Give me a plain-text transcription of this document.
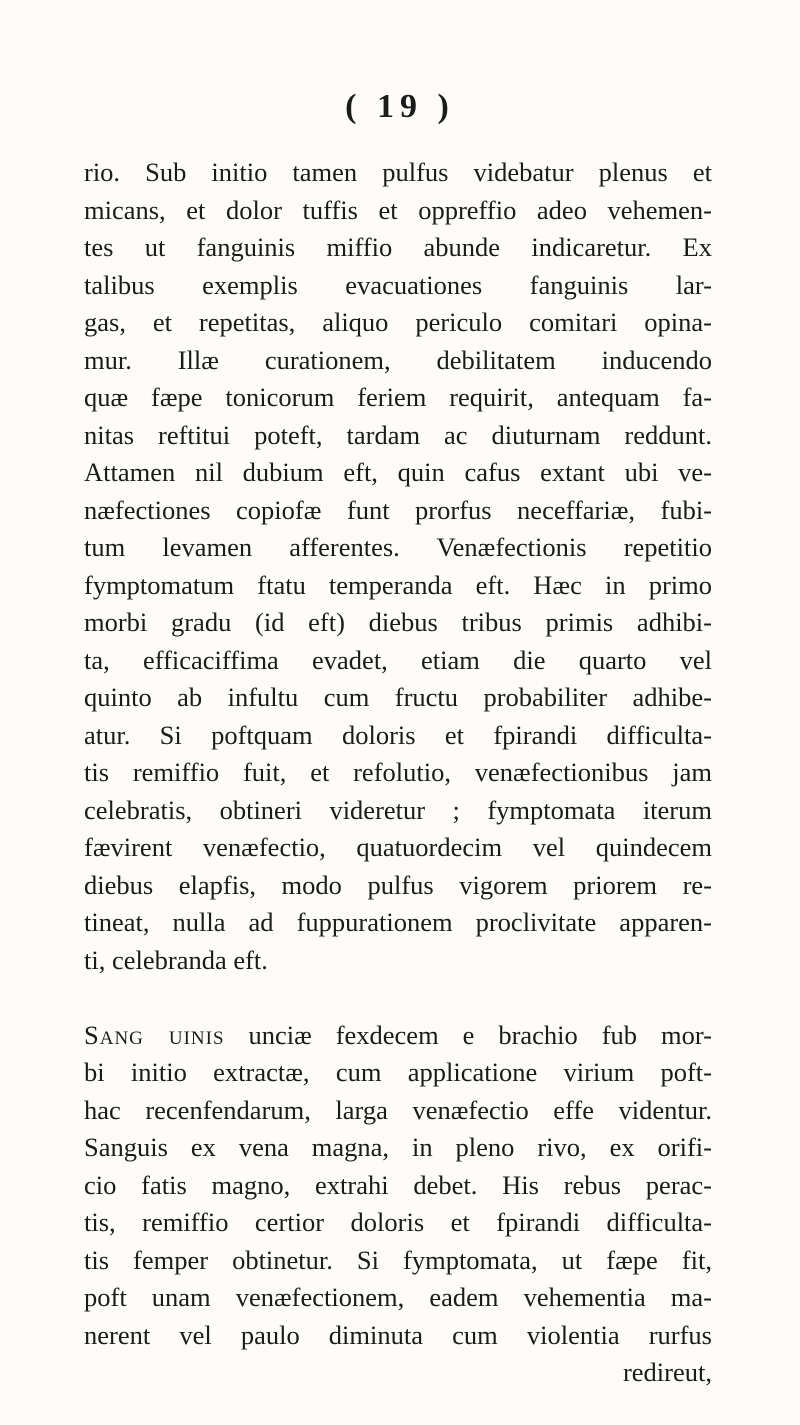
( 19 )
rio. Sub initio tamen pulfus videbatur plenus et
micans, et dolor tuffis et oppreffio adeo vehemen-
tes ut fanguinis miffio abunde indicaretur. Ex
talibus exemplis evacuationes fanguinis lar-
gas, et repetitas, aliquo periculo comitari opina-
mur. Illæ curationem, debilitatem inducendo
quæ fæpe tonicorum feriem requirit, antequam fa-
nitas reftitui poteft, tardam ac diuturnam reddunt.
Attamen nil dubium eft, quin cafus extant ubi ve-
næfectiones copiofæ funt prorfus neceffariæ, fubi-
tum levamen afferentes. Venæfectionis repetitio
fymptomatum ftatu temperanda eft. Hæc in primo
morbi gradu (id eft) diebus tribus primis adhibi-
ta, efficaciffima evadet, etiam die quarto vel
quinto ab infultu cum fructu probabiliter adhibe-
atur. Si poftquam doloris et fpirandi difficulta-
tis remiffio fuit, et refolutio, venæfectionibus jam
celebratis, obtineri videretur ; fymptomata iterum
fævirent venæfectio, quatuordecim vel quindecem
diebus elapfis, modo pulfus vigorem priorem re-
tineat, nulla ad fuppurationem proclivitate apparen-
ti, celebranda eft.
Sang uinis unciæ fexdecem e brachio fub mor-
bi initio extractæ, cum applicatione virium poft-
hac recenfendarum, larga venæfectio effe videntur.
Sanguis ex vena magna, in pleno rivo, ex orifi-
cio fatis magno, extrahi debet. His rebus perac-
tis, remiffio certior doloris et fpirandi difficulta-
tis femper obtinetur. Si fymptomata, ut fæpe fit,
poft unam venæfectionem, eadem vehementia ma-
nerent vel paulo diminuta cum violentia rurfus
redireut,
